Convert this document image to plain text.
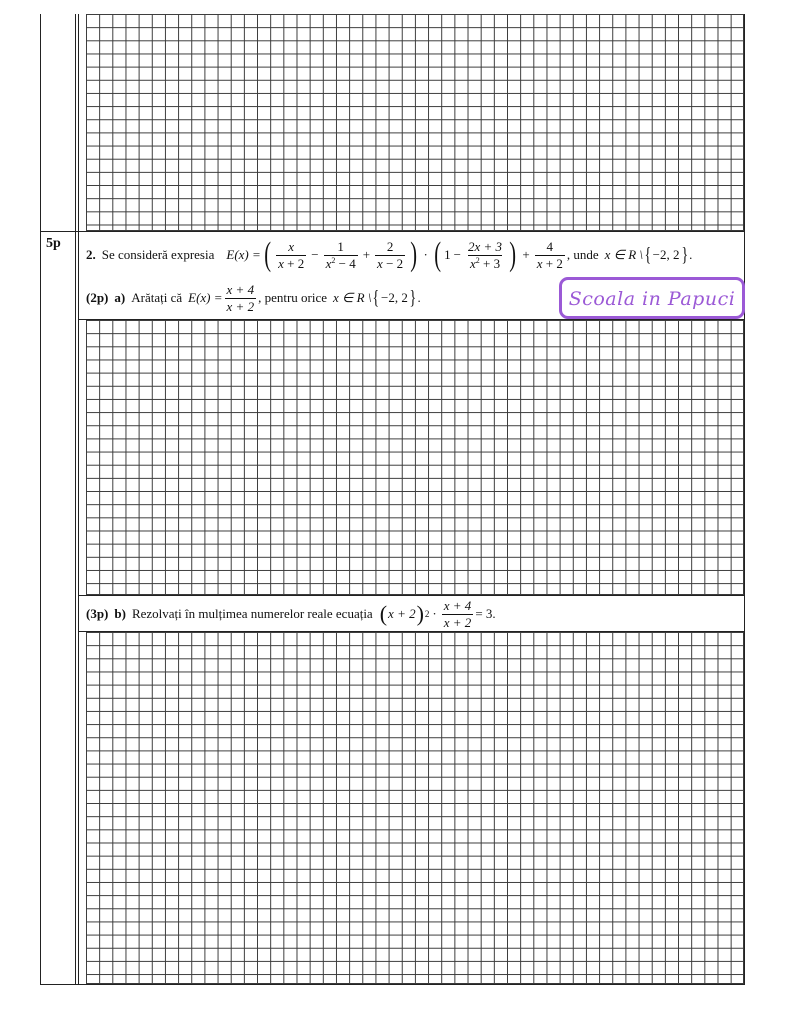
5p
2. Se consideră expresia E(x) = ( $\frac{x}{x + 2} - \frac{1}{x^2 - 4} + \frac{2}{x - 2}$ ) · ( $1 - \frac{2x + 3}{x^2 + 3}$ ) + $\frac{4}{x + 2}$ , unde x ∈ R \ { −2, 2 } .
(2p) a) Arătați că $E(x) = \frac{x + 4}{x + 2}$ , pentru orice x ∈ R \ { −2, 2 } .	Scoala in Papuci
(3p) b) Rezolvați în mulțimea numerelor reale ecuația ( x + 2 ) $2 \cdot \frac{x + 4}{x + 2} = 3$.
